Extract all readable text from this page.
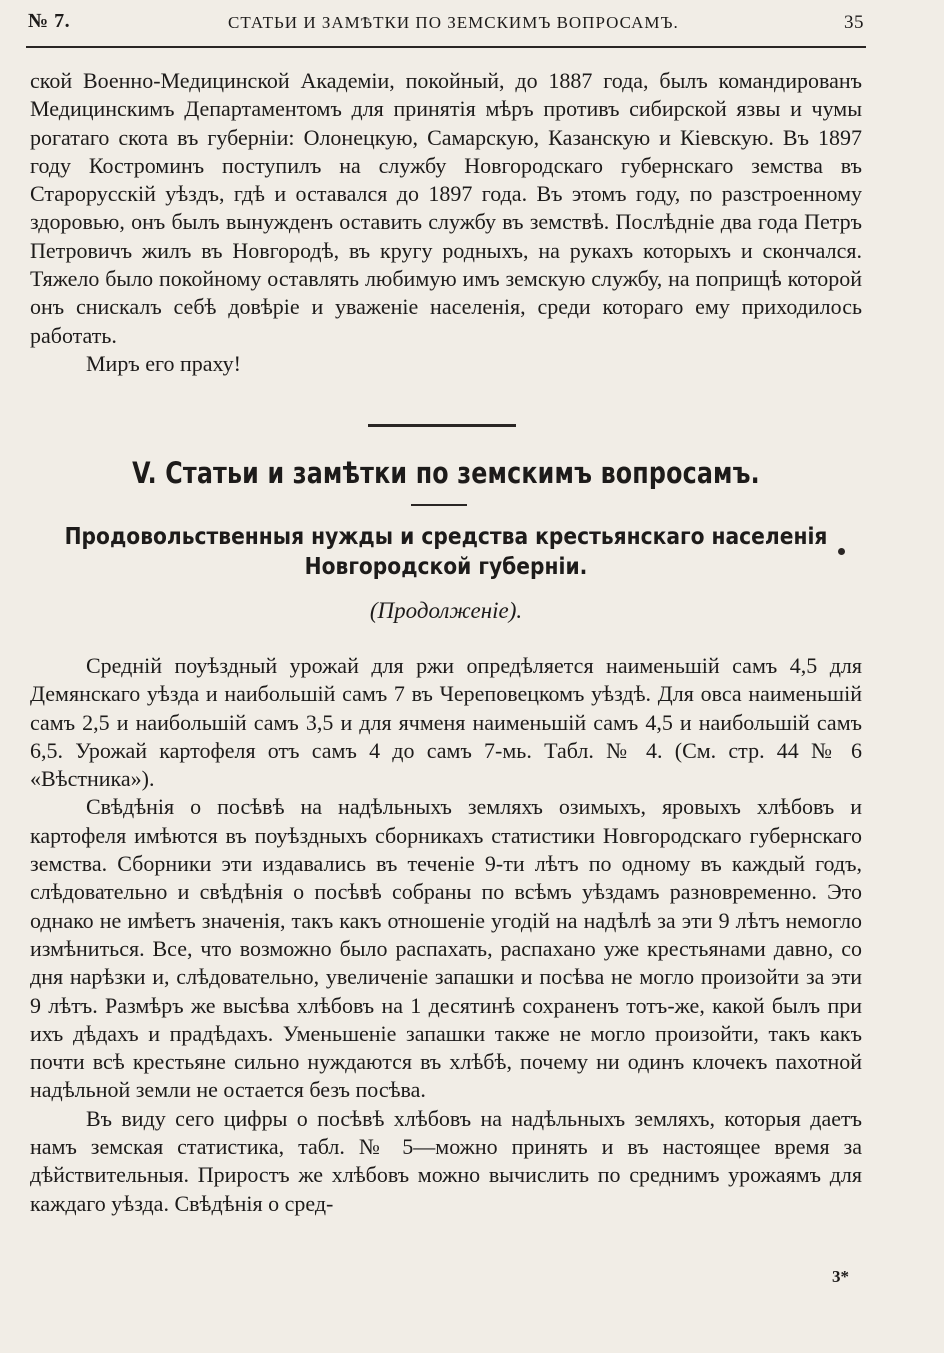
№ 7.	СТАТЬИ И ЗАМѢТКИ ПО ЗЕМСКИМЪ ВОПРОСАМЪ.	35
ской Военно-Медицинской Академіи, покойный, до 1887 года, былъ командированъ Медицинскимъ Департаментомъ для принятія мѣръ противъ сибирской язвы и чумы рогатаго скота въ губерніи: Олонецкую, Самарскую, Казанскую и Кіевскую. Въ 1897 году Костроминъ поступилъ на службу Новгородскаго губернскаго земства въ Старорусскій уѣздъ, гдѣ и оставался до 1897 года. Въ этомъ году, по разстроенному здоровью, онъ былъ вынужденъ оставить службу въ земствѣ. Послѣдніе два года Петръ Петровичъ жилъ въ Новгородѣ, въ кругу родныхъ, на рукахъ которыхъ и скончался. Тяжело было покойному оставлять любимую имъ земскую службу, на поприщѣ которой онъ снискалъ себѣ довѣріе и уваженіе населенія, среди котораго ему приходилось работать.
Миръ его праху!
V. Статьи и замѣтки по земскимъ вопросамъ.
Продовольственныя нужды и средства крестьянскаго населенія Новгородской губерніи.
(Продолженіе).
Среднiй поуѣздный урожай для ржи опредѣляется наименьшiй самъ 4,5 для Демянскаго уѣзда и наибольшiй самъ 7 въ Череповецкомъ уѣздѣ. Для овса наименьшiй самъ 2,5 и наибольшiй самъ 3,5 и для ячменя наименьшiй самъ 4,5 и наибольшiй самъ 6,5. Урожай картофеля отъ самъ 4 до самъ 7-мь. Табл. № 4. (См. стр. 44 № 6 «Вѣстника»).
Свѣдѣнія о посѣвѣ на надѣльныхъ земляхъ озимыхъ, яровыхъ хлѣбовъ и картофеля имѣются въ поуѣздныхъ сборникахъ статистики Новгородскаго губернскаго земства. Сборники эти издавались въ теченіе 9-ти лѣтъ по одному въ каждый годъ, слѣдовательно и свѣдѣнія о посѣвѣ собраны по всѣмъ уѣздамъ разновременно. Это однако не имѣетъ значенія, такъ какъ отношеніе угодій на надѣлѣ за эти 9 лѣтъ немогло измѣниться. Все, что возможно было распахать, распахано уже крестьянами давно, со дня нарѣзки и, слѣдовательно, увеличеніе запашки и посѣва не могло произойти за эти 9 лѣтъ. Размѣръ же высѣва хлѣбовъ на 1 десятинѣ сохраненъ тотъ-же, какой былъ при ихъ дѣдахъ и прадѣдахъ. Уменьшеніе запашки также не могло произойти, такъ какъ почти всѣ крестьяне сильно нуждаются въ хлѣбѣ, почему ни одинъ клочекъ пахотной надѣльной земли не остается безъ посѣва.
Въ виду сего цифры о посѣвѣ хлѣбовъ на надѣльныхъ земляхъ, которыя даетъ намъ земская статистика, табл. № 5—можно принять и въ настоящее время за дѣйствительныя. Приростъ же хлѣбовъ можно вычислить по среднимъ урожаямъ для каждаго уѣзда. Свѣдѣнія о сред-
3*
